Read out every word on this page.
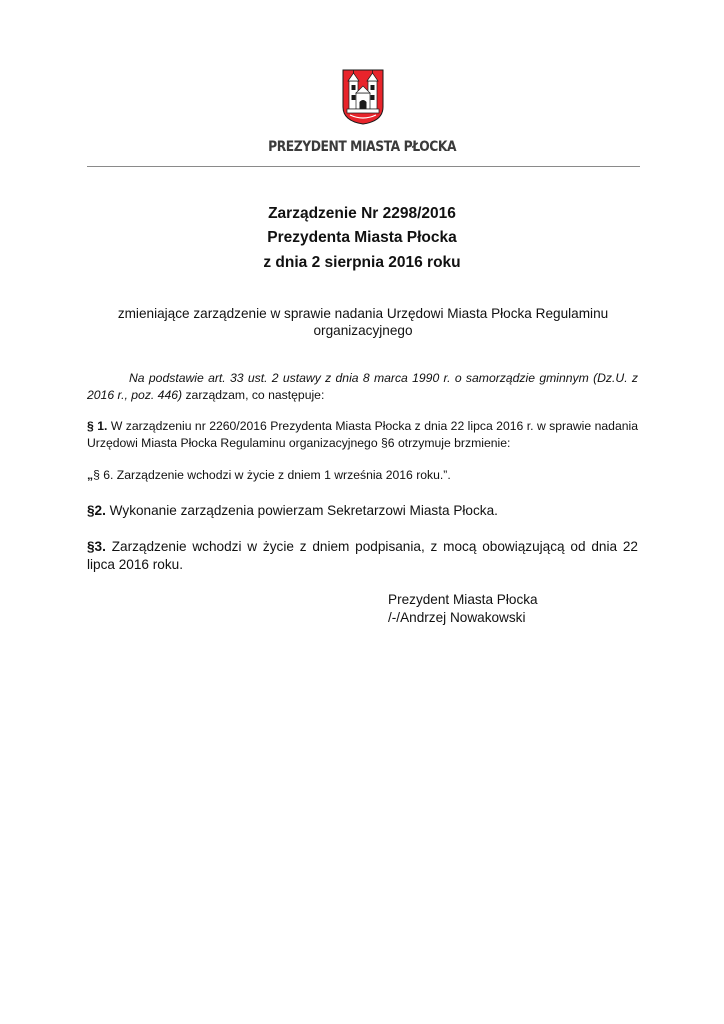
PREZYDENT MIASTA PŁOCKA
Zarządzenie Nr 2298/2016
Prezydenta Miasta Płocka
z dnia 2 sierpnia 2016 roku
zmieniające zarządzenie w sprawie nadania Urzędowi Miasta Płocka Regulaminu organizacyjnego
Na podstawie art. 33 ust. 2 ustawy z dnia 8 marca 1990 r. o samorządzie gminnym (Dz.U. z 2016 r., poz. 446) zarządzam, co następuje:
§ 1. W zarządzeniu nr 2260/2016 Prezydenta Miasta Płocka z dnia 22 lipca 2016 r. w sprawie nadania Urzędowi Miasta Płocka Regulaminu organizacyjnego §6 otrzymuje brzmienie:
„§ 6. Zarządzenie wchodzi w życie z dniem 1 września 2016 roku.”.
§2. Wykonanie zarządzenia powierzam Sekretarzowi Miasta Płocka.
§3. Zarządzenie wchodzi w życie z dniem podpisania, z mocą obowiązującą od dnia 22 lipca 2016 roku.
Prezydent Miasta Płocka
/-/Andrzej Nowakowski
